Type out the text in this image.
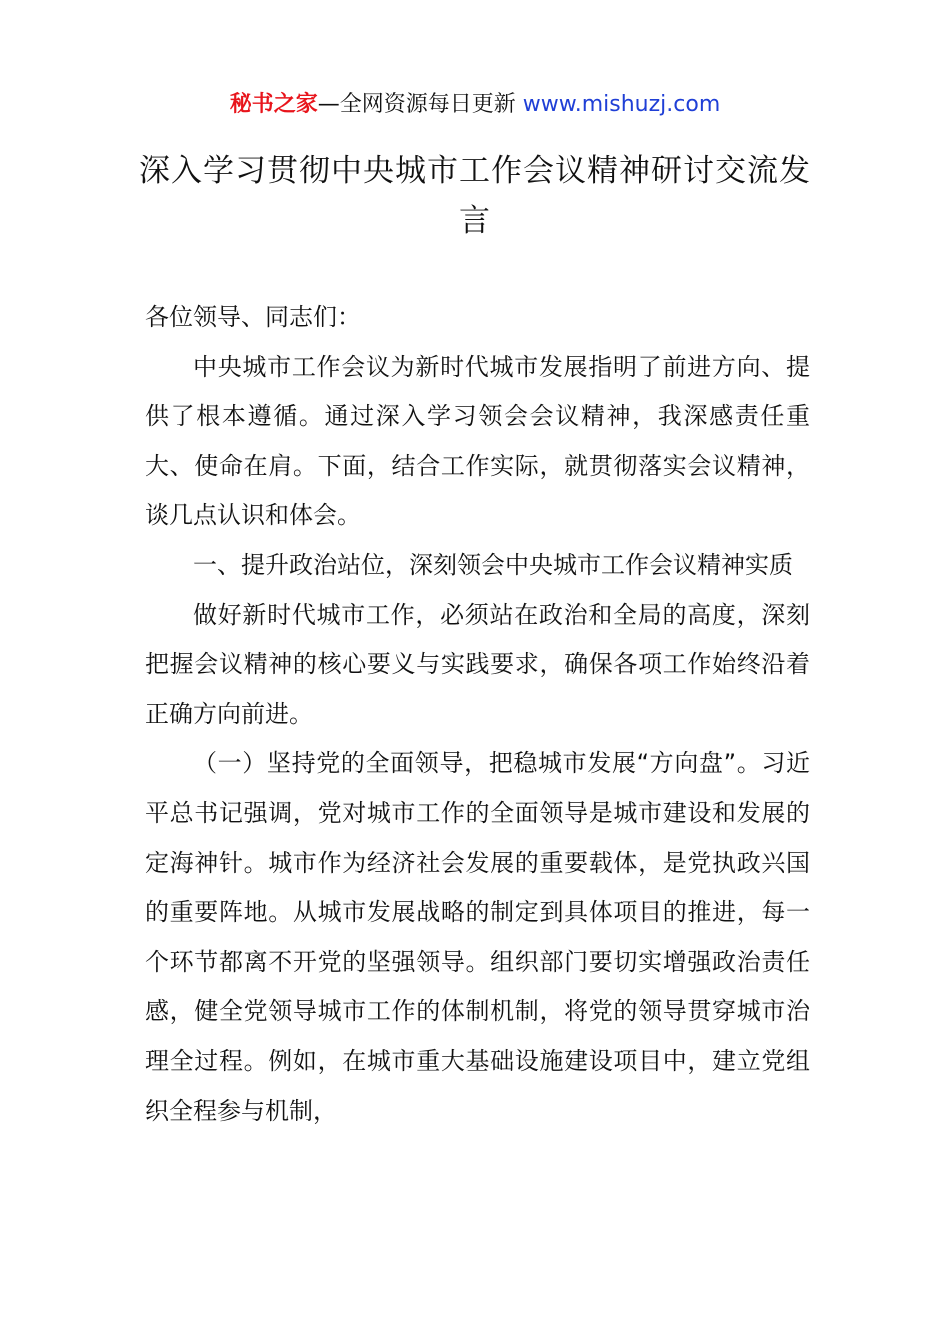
秘书之家—全网资源每日更新 www.mishuzj.com
深入学习贯彻中央城市工作会议精神研讨交流发言

各位领导、同志们：

中央城市工作会议为新时代城市发展指明了前进方向、提供了根本遵循。通过深入学习领会会议精神，我深感责任重大、使命在肩。下面，结合工作实际，就贯彻落实会议精神，谈几点认识和体会。

一、提升政治站位，深刻领会中央城市工作会议精神实质

做好新时代城市工作，必须站在政治和全局的高度，深刻把握会议精神的核心要义与实践要求，确保各项工作始终沿着正确方向前进。

（一）坚持党的全面领导，把稳城市发展“方向盘”。习近平总书记强调，党对城市工作的全面领导是城市建设和发展的定海神针。城市作为经济社会发展的重要载体，是党执政兴国的重要阵地。从城市发展战略的制定到具体项目的推进，每一个环节都离不开党的坚强领导。组织部门要切实增强政治责任感，健全党领导城市工作的体制机制，将党的领导贯穿城市治理全过程。例如，在城市重大基础设施建设项目中，建立党组织全程参与机制，
